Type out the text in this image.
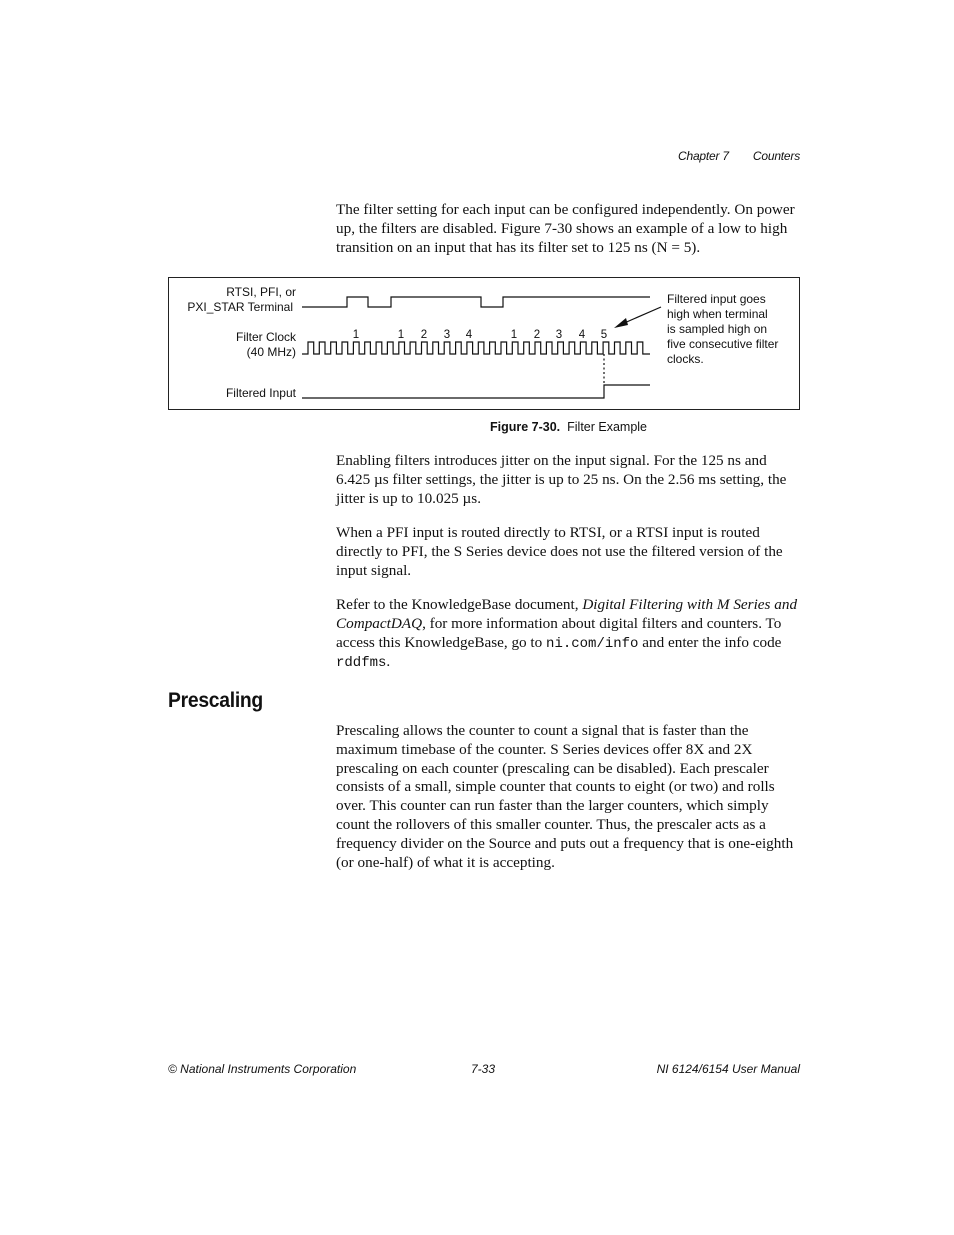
Chapter 7 Counters

The filter setting for each input can be configured independently. On power up, the filters are disabled. Figure 7-30 shows an example of a low to high transition on an input that has its filter set to 125 ns (N = 5).

RTSI, PFI, or
PXI_STAR Terminal
Filter Clock
(40 MHz)
Filtered Input
1	1 2 3 4	1 2 3 4 5
Filtered input goes
high when terminal
is sampled high on
five consecutive filter
clocks.
Figure 7-30. Filter Example

Enabling filters introduces jitter on the input signal. For the 125 ns and 6.425 µs filter settings, the jitter is up to 25 ns. On the 2.56 ms setting, the jitter is up to 10.025 µs.

When a PFI input is routed directly to RTSI, or a RTSI input is routed directly to PFI, the S Series device does not use the filtered version of the input signal.

Refer to the KnowledgeBase document, Digital Filtering with M Series and CompactDAQ, for more information about digital filters and counters. To access this KnowledgeBase, go to ni.com/info and enter the info code rddfms.

Prescaling

Prescaling allows the counter to count a signal that is faster than the maximum timebase of the counter. S Series devices offer 8X and 2X prescaling on each counter (prescaling can be disabled). Each prescaler consists of a small, simple counter that counts to eight (or two) and rolls over. This counter can run faster than the larger counters, which simply count the rollovers of this smaller counter. Thus, the prescaler acts as a frequency divider on the Source and puts out a frequency that is one-eighth (or one-half) of what it is accepting.

© National Instruments Corporation	7-33	NI 6124/6154 User Manual
